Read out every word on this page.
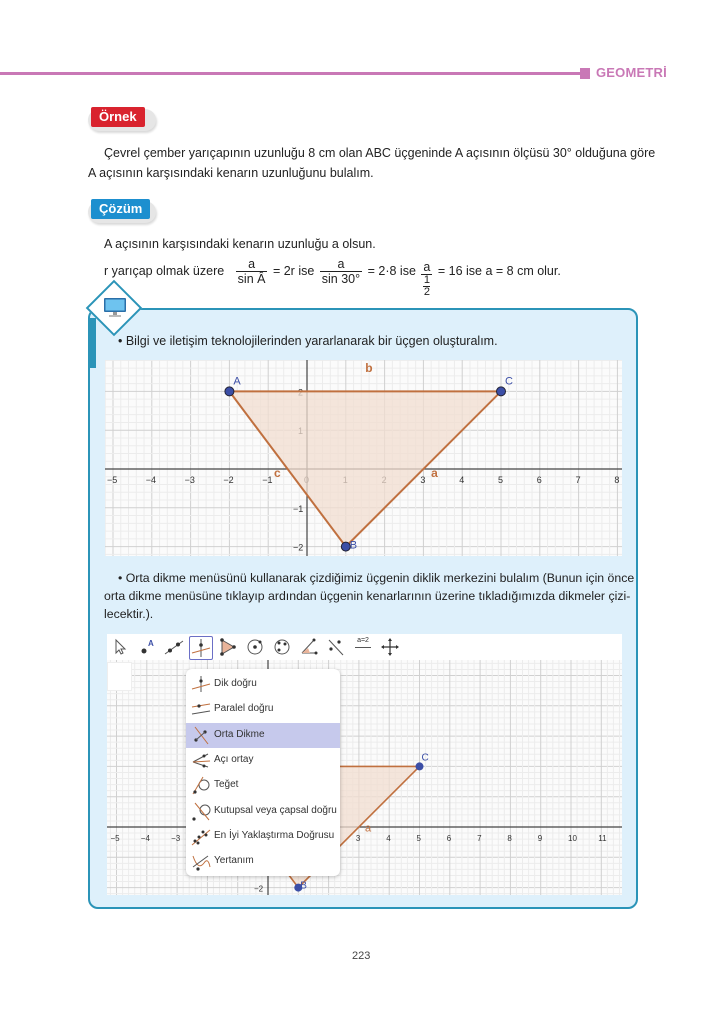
GEOMETRİ
Örnek
Çevrel çember yarıçapının uzunluğu 8 cm olan ABC üçgeninde A açısının ölçüsü 30° olduğuna göre
A açısının karşısındaki kenarın uzunluğunu bulalım.
Çözüm
A açısının karşısındaki kenarın uzunluğu a olsun.
r yarıçap olmak üzere $\frac{a}{\text{sin Â}} = 2r$ ise $\frac{a}{\sin 30^\circ} = 2\cdot 8$ ise a
1
2 = 16 ise a = 8 cm olur.
• Bilgi ve iletişim teknolojilerinden yararlanarak bir üçgen oluşturalım.
−5	−4	−3	−2	−1	3	4	5	6	7	8
−1
−2
A
B
C
b
a
c
• Orta dikme menüsünü kullanarak çizdiğimiz üçgenin diklik merkezini bulalım (Bunun için önce
orta dikme menüsüne tıklayıp ardından üçgenin kenarlarının üzerine tıkladığımızda dikmeler çizi-
lecektir.).
−5	−4	−3	3	4	5	6	7	8	9	10	11
−2
C
B
a
A	a=2
Dik doğru
Paralel doğru
Orta Dikme
Açı ortay
Teğet
Kutupsal veya çapsal doğru
En İyi Yaklaştırma Doğrusu
Yertanım
223
